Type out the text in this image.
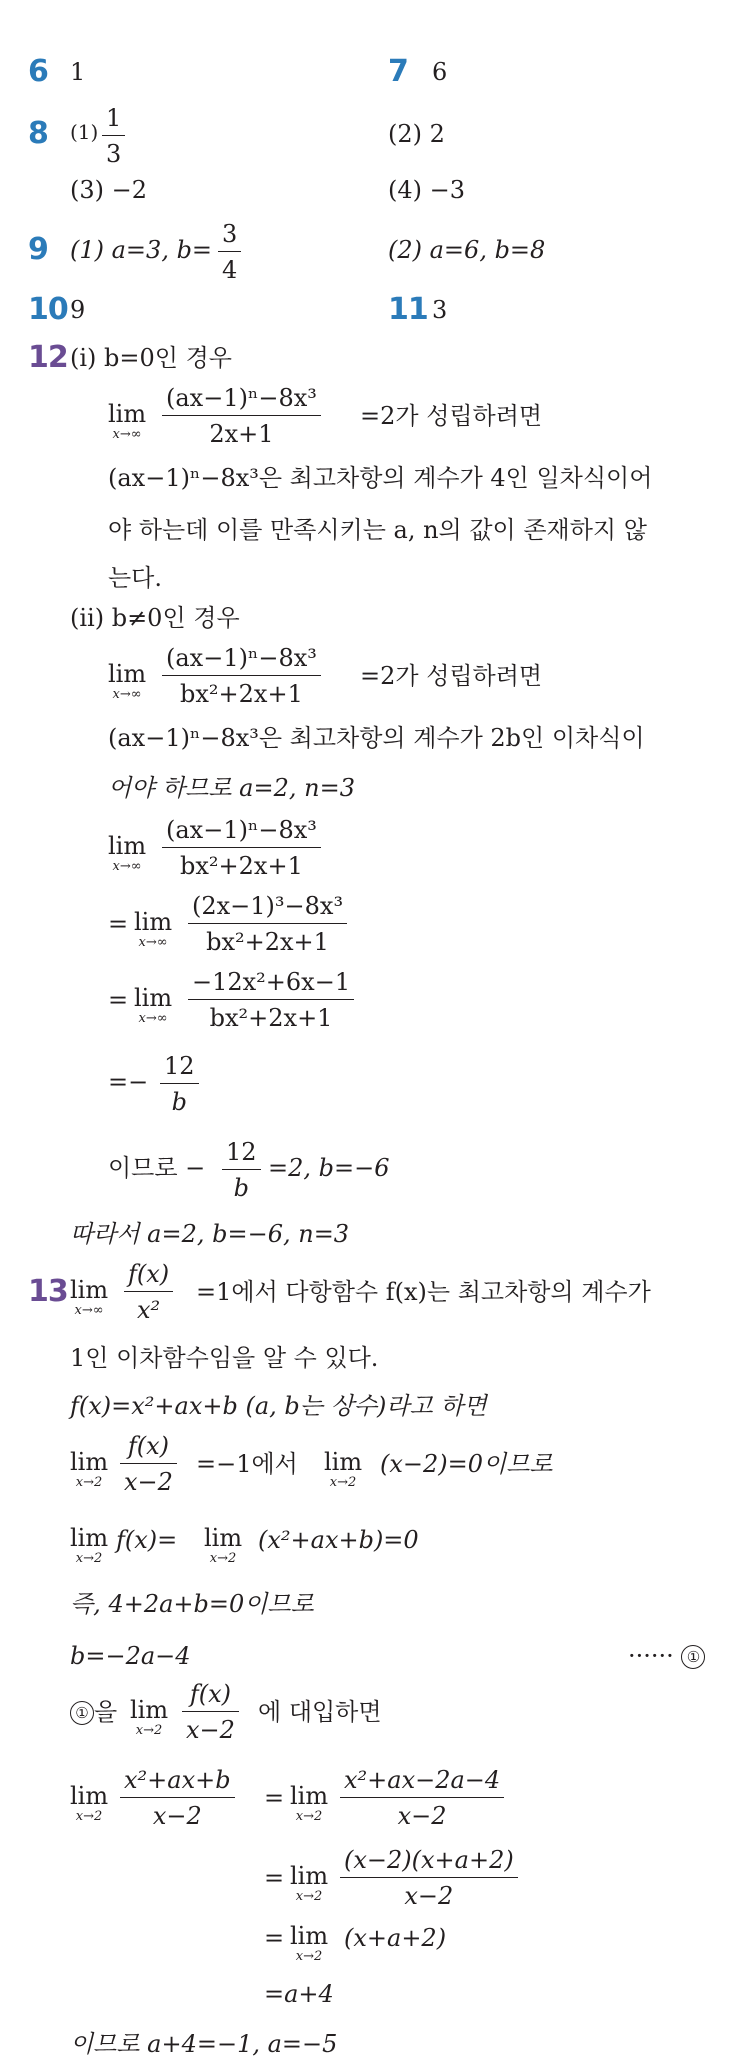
6 1	7 6
8 $(1) \frac{1}{3}$	(2) 2
(3) −2	(4) −3
9 (1) a=3, $b= \frac{3}{4}$	(2) a=6, b=8
10 9	11 3
12 (ⅰ) b=0인 경우
lim
$x\to\infty \frac{\text{(ax−1)ⁿ−8x³}}{2x+1} =2$가 성립하려면
(ax−1)ⁿ−8x³은 최고차항의 계수가 4인 일차식이어
야 하는데 이를 만족시키는 a, n의 값이 존재하지 않
는다.
(ⅱ) b≠0인 경우
lim
$x\to\infty \frac{\text{(ax−1)ⁿ−8x³}}{\text{bx²+2x+1}} =2$가 성립하려면
(ax−1)ⁿ−8x³은 최고차항의 계수가 2b인 이차식이
어야 하므로 a=2, n=3
lim
$x\to\infty \frac{\text{(ax−1)ⁿ−8x³}}{\text{bx²+2x+1}}$
= lim
$x\to\infty \frac{\text{(2x−1)³−8x³}}{\text{bx²+2x+1}}$
= lim
$x\to\infty \frac{\text{−12x²+6x−1}}{\text{bx²+2x+1}}$
=− $\frac{12}{b}$
이므로 − $\frac{12}{b} =2$, b=−6
따라서 a=2, b=−6, n=3
13 lim
$x\to\infty \frac{f(x)}{\text{x²}} =1$에서 다항함수 f(x)는 최고차항의 계수가
1인 이차함수임을 알 수 있다.
f(x)=x²+ax+b (a, b는 상수)라고 하면
lim
$x\to 2 \frac{f(x)}{x-2} =-1$에서 lim
x→2
(x−2)=0이므로
lim
x→2
f(x)= lim
x→2
(x²+ax+b)=0
즉, 4+2a+b=0이므로
b=−2a−4	······ ①
① 을 lim
$x\to 2 \frac{f(x)}{x-2}$ 에 대입하면
lim
$x\to 2 \frac{\text{x²+ax+b}}{x-2} = \lim$
$x\to 2 \frac{\text{x²+ax−2a−4}}{x-2}$
= lim
$x\to 2 \frac{(x-2)(x+a+2)}{x-2}$
= lim
x→2
(x+a+2)
=a+4
이므로 a+4=−1, a=−5
